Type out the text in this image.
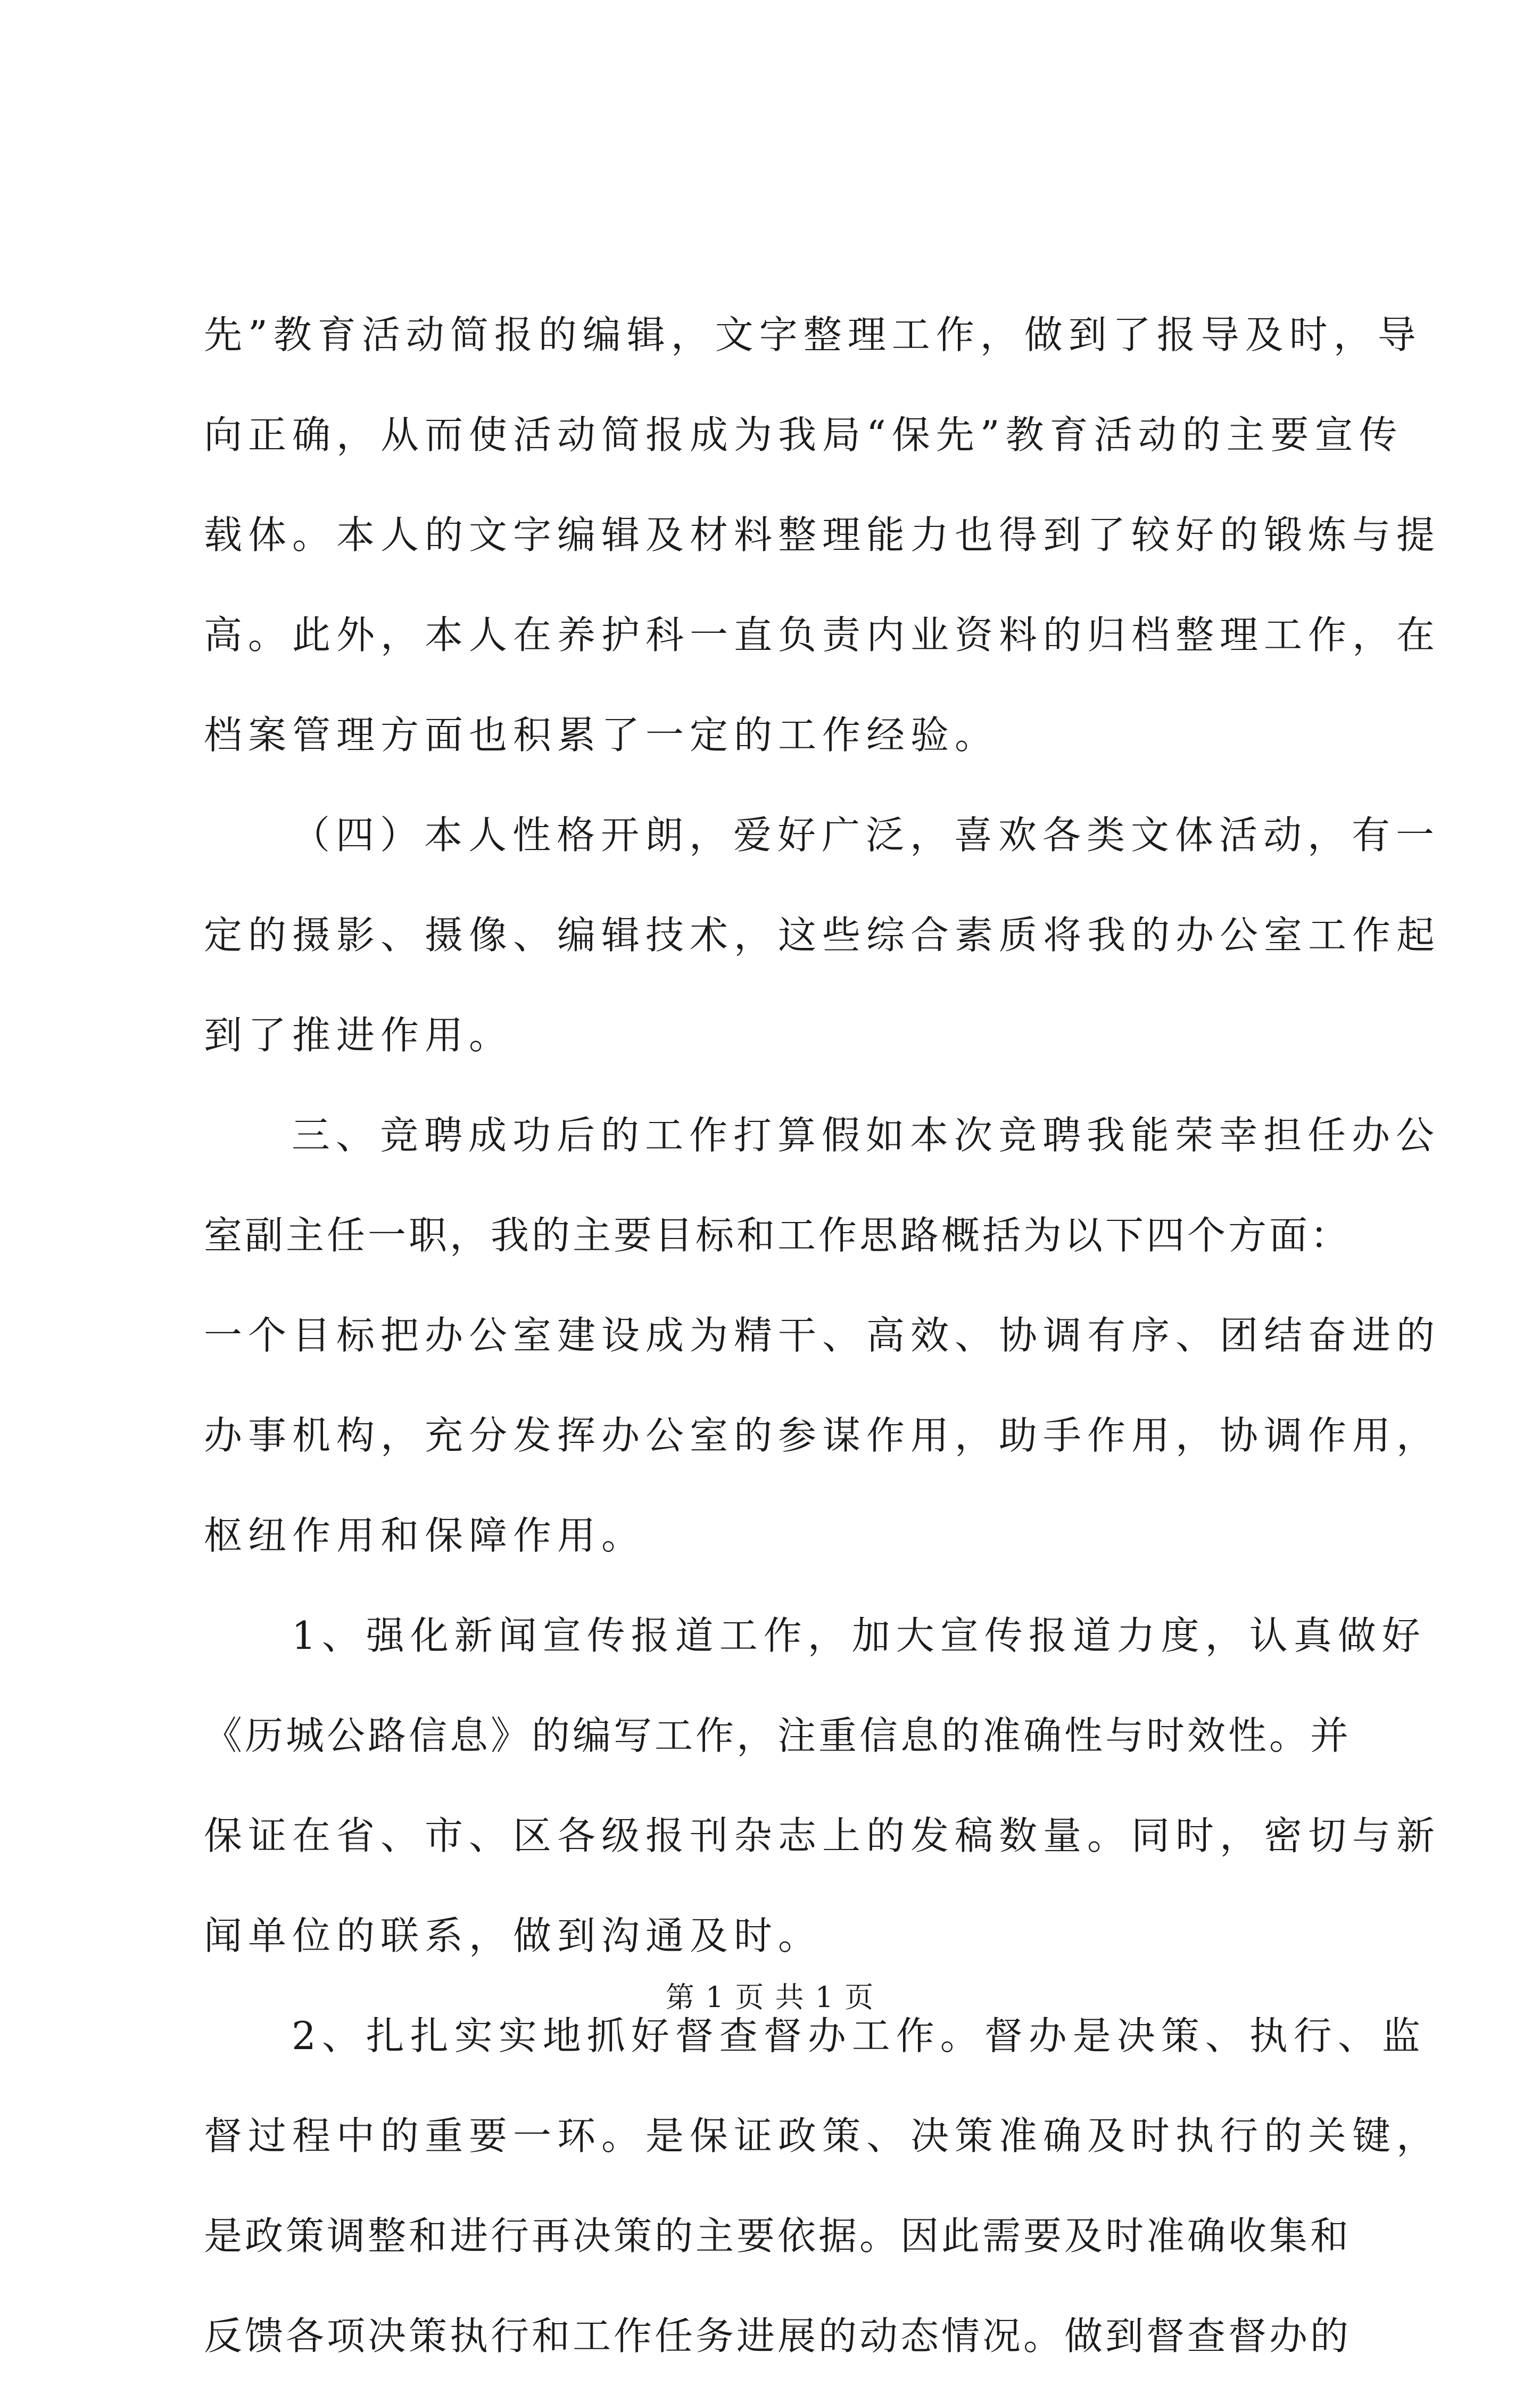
先”教育活动简报的编辑，文字整理工作，做到了报导及时，导
向正确，从而使活动简报成为我局“保先”教育活动的主要宣传
载体。本人的文字编辑及材料整理能力也得到了较好的锻炼与提
高。此外，本人在养护科一直负责内业资料的归档整理工作，在
档案管理方面也积累了一定的工作经验。
（四）本人性格开朗，爱好广泛，喜欢各类文体活动，有一
定的摄影、摄像、编辑技术，这些综合素质将我的办公室工作起
到了推进作用。
三、竞聘成功后的工作打算假如本次竞聘我能荣幸担任办公
室副主任一职，我的主要目标和工作思路概括为以下四个方面：
一个目标把办公室建设成为精干、高效、协调有序、团结奋进的
办事机构，充分发挥办公室的参谋作用，助手作用，协调作用，
枢纽作用和保障作用。
1、强化新闻宣传报道工作，加大宣传报道力度，认真做好
《历城公路信息》的编写工作，注重信息的准确性与时效性。并
保证在省、市、区各级报刊杂志上的发稿数量。同时，密切与新
闻单位的联系，做到沟通及时。
2、扎扎实实地抓好督查督办工作。督办是决策、执行、监
督过程中的重要一环。是保证政策、决策准确及时执行的关键，
是政策调整和进行再决策的主要依据。因此需要及时准确收集和
反馈各项决策执行和工作任务进展的动态情况。做到督查督办的
第 1 页 共 1 页
